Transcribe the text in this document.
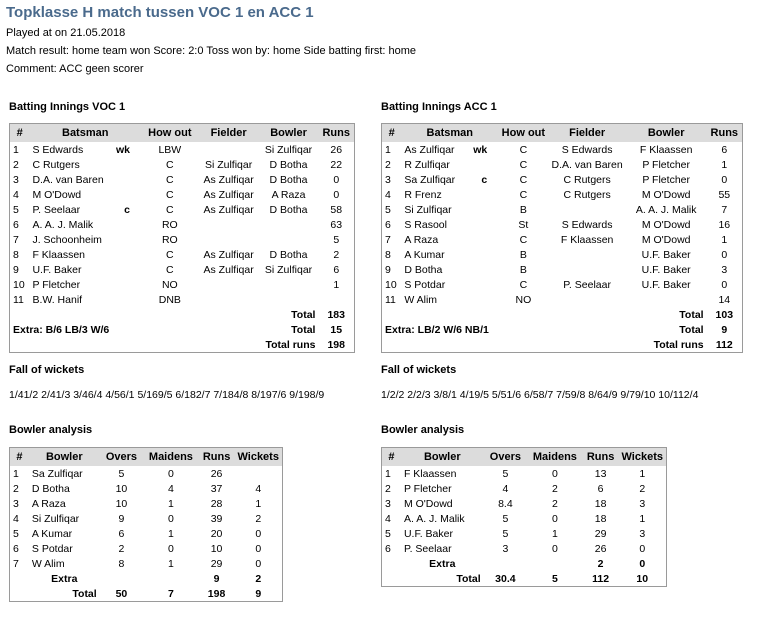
Topklasse H match tussen VOC 1 en ACC 1
Played at on 21.05.2018
Match result: home team won Score: 2:0 Toss won by: home Side batting first: home
Comment: ACC geen scorer
Batting Innings VOC 1
#	Batsman	How out	Fielder	Bowler	Runs
1	S Edwards wk	LBW		Si Zulfiqar	26
2	C Rutgers	C	Si Zulfiqar	D Botha	22
3	D.A. van Baren	C	As Zulfiqar	D Botha	0
4	M O'Dowd	C	As Zulfiqar	A Raza	0
5	P. Seelaar c	C	As Zulfiqar	D Botha	58
6	A. A. J. Malik	RO			63
7	J. Schoonheim	RO			5
8	F Klaassen	C	As Zulfiqar	D Botha	2
9	U.F. Baker	C	As Zulfiqar	Si Zulfiqar	6
10	P Fletcher	NO			1
11	B.W. Hanif	DNB			
Total					183
Extra: B/6 LB/3 W/6				Total	15
Total runs					198
Fall of wickets
1/41/2 2/41/3 3/46/4 4/56/1 5/169/5 6/182/7 7/184/8 8/197/6 9/198/9
Bowler analysis
#	Bowler	Overs	Maidens	Runs	Wickets
1	Sa Zulfiqar	5	0	26	
2	D Botha	10	4	37	4
3	A Raza	10	1	28	1
4	Si Zulfiqar	9	0	39	2
5	A Kumar	6	1	20	0
6	S Potdar	2	0	10	0
7	W Alim	8	1	29	0
	Extra			9	2
	Total	50	7	198	9
Batting Innings ACC 1
#	Batsman	How out	Fielder	Bowler	Runs
1	As Zulfiqar wk	C	S Edwards	F Klaassen	6
2	R Zulfiqar	C	D.A. van Baren	P Fletcher	1
3	Sa Zulfiqar c	C	C Rutgers	P Fletcher	0
4	R Frenz	C	C Rutgers	M O'Dowd	55
5	Si Zulfiqar	B		A. A. J. Malik	7
6	S Rasool	St	S Edwards	M O'Dowd	16
7	A Raza	C	F Klaassen	M O'Dowd	1
8	A Kumar	B		U.F. Baker	0
9	D Botha	B		U.F. Baker	3
10	S Potdar	C	P. Seelaar	U.F. Baker	0
11	W Alim	NO			14
Total					103
Extra: LB/2 W/6 NB/1				Total	9
Total runs					112
Fall of wickets
1/2/2 2/2/3 3/8/1 4/19/5 5/51/6 6/58/7 7/59/8 8/64/9 9/79/10 10/112/4
Bowler analysis
#	Bowler	Overs	Maidens	Runs	Wickets
1	F Klaassen	5	0	13	1
2	P Fletcher	4	2	6	2
3	M O'Dowd	8.4	2	18	3
4	A. A. J. Malik	5	0	18	1
5	U.F. Baker	5	1	29	3
6	P. Seelaar	3	0	26	0
	Extra			2	0
	Total	30.4	5	112	10
